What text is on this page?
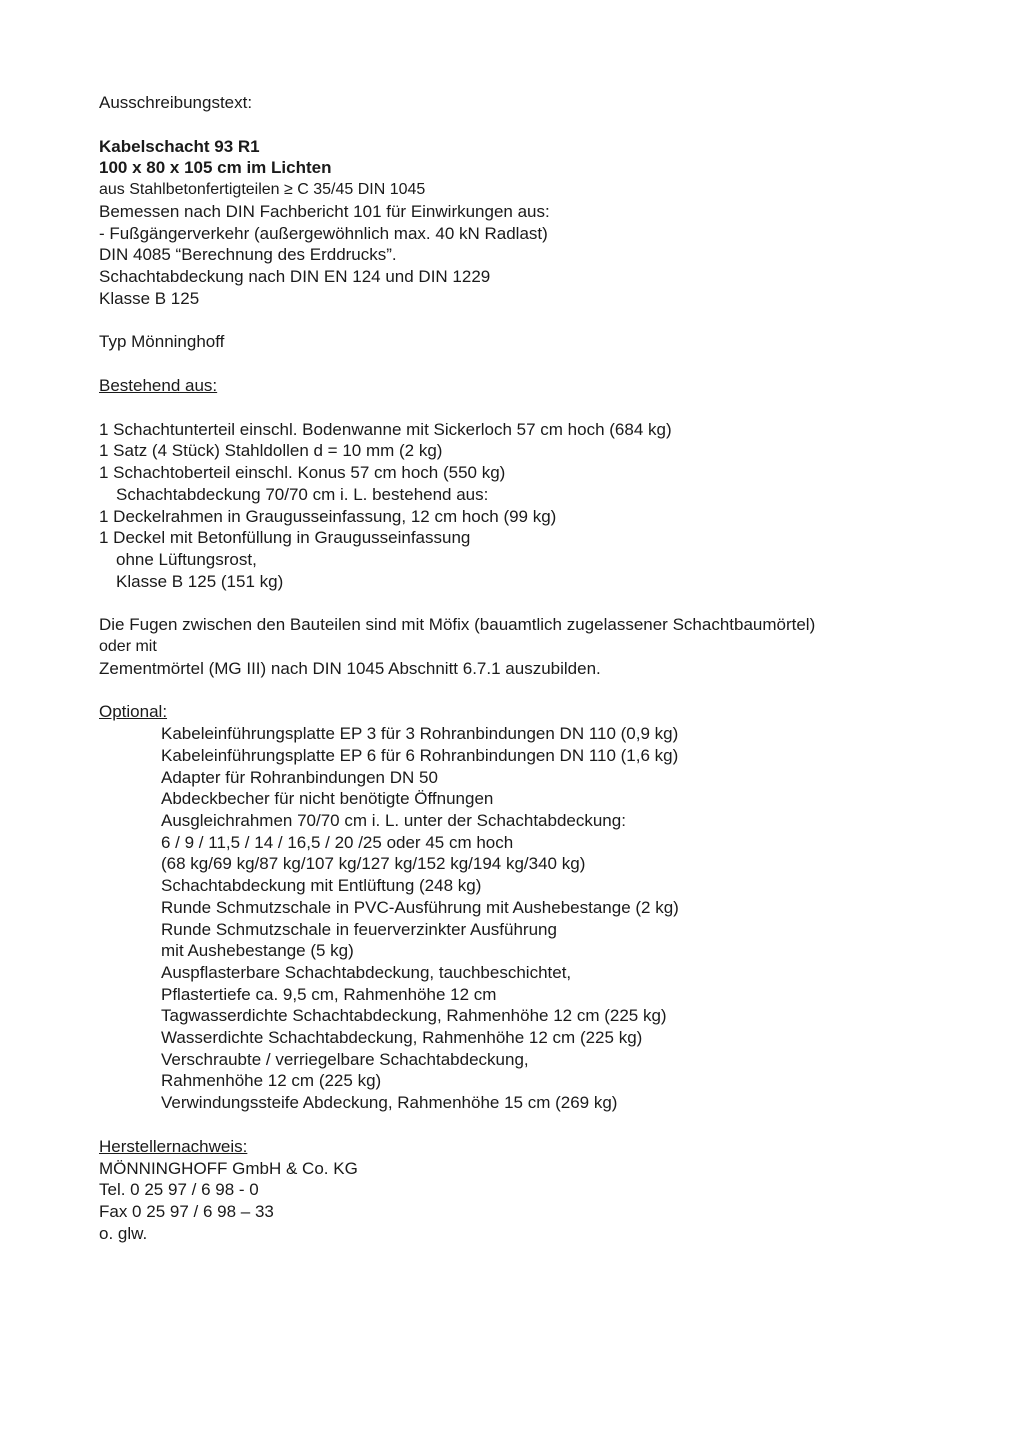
Ausschreibungstext:
Kabelschacht 93 R1
100 x 80 x 105 cm im Lichten
aus Stahlbetonfertigteilen ≥ C 35/45 DIN 1045
Bemessen nach DIN Fachbericht 101 für Einwirkungen aus:
- Fußgängerverkehr (außergewöhnlich max. 40 kN Radlast)
DIN 4085 “Berechnung des Erddrucks”.
Schachtabdeckung nach DIN EN 124 und DIN 1229
Klasse B 125
Typ Mönninghoff
Bestehend aus:
1 Schachtunterteil einschl. Bodenwanne mit Sickerloch 57 cm hoch (684 kg)
1 Satz (4 Stück) Stahldollen d = 10 mm (2 kg)
1 Schachtoberteil einschl. Konus 57 cm hoch (550 kg)
Schachtabdeckung 70/70 cm i. L. bestehend aus:
1 Deckelrahmen in Graugusseinfassung, 12 cm hoch (99 kg)
1 Deckel mit Betonfüllung in Graugusseinfassung
ohne Lüftungsrost,
Klasse B 125 (151 kg)
Die Fugen zwischen den Bauteilen sind mit Möfix (bauamtlich zugelassener Schachtbaumörtel)
oder mit
Zementmörtel (MG III) nach DIN 1045 Abschnitt 6.7.1 auszubilden.
Optional:
Kabeleinführungsplatte EP 3 für 3 Rohranbindungen DN 110 (0,9 kg)
Kabeleinführungsplatte EP 6 für 6 Rohranbindungen DN 110 (1,6 kg)
Adapter für Rohranbindungen DN 50
Abdeckbecher für nicht benötigte Öffnungen
Ausgleichrahmen 70/70 cm i. L. unter der Schachtabdeckung:
6 / 9 / 11,5 / 14 / 16,5 / 20 /25 oder 45 cm hoch
(68 kg/69 kg/87 kg/107 kg/127 kg/152 kg/194 kg/340 kg)
Schachtabdeckung mit Entlüftung (248 kg)
Runde Schmutzschale in PVC-Ausführung mit Aushebestange (2 kg)
Runde Schmutzschale in feuerverzinkter Ausführung
mit Aushebestange (5 kg)
Auspflasterbare Schachtabdeckung, tauchbeschichtet,
Pflastertiefe ca. 9,5 cm, Rahmenhöhe 12 cm
Tagwasserdichte Schachtabdeckung, Rahmenhöhe 12 cm (225 kg)
Wasserdichte Schachtabdeckung, Rahmenhöhe 12 cm (225 kg)
Verschraubte / verriegelbare Schachtabdeckung,
Rahmenhöhe 12 cm (225 kg)
Verwindungssteife Abdeckung, Rahmenhöhe 15 cm (269 kg)
Herstellernachweis:
MÖNNINGHOFF GmbH & Co. KG
Tel. 0 25 97 / 6 98 - 0
Fax 0 25 97 / 6 98 – 33
o. glw.
